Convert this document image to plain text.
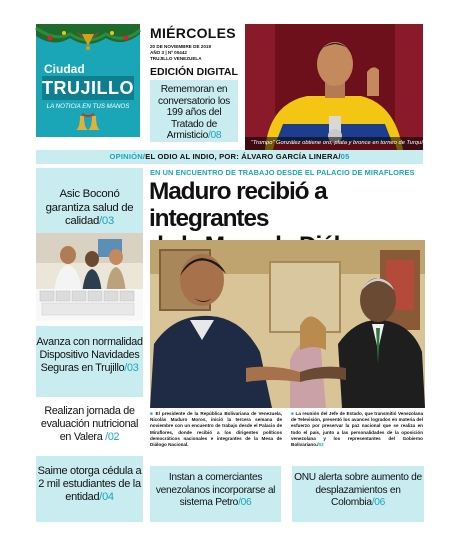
Ciudad
TRUJILLO
LA NOTICIA EN TUS MANOS
MIÉRCOLES
20 DE NOVIEMBRE DE 2019
AÑO 3 | Nº 00442
TRUJILLO VENEZUELA
EDICIÓN DIGITAL
Rememoran en conversatorio los 199 años del Tratado de Armisticio/08
“Trompo” González obtiene oro, plata y bronce en torneo de Turquía/07
OPINIÓN/EL ODIO AL INDIO, POR: ÁLVARO GARCÍA LINERA/05
Asic Boconó garantiza salud de calidad/03
Avanza con normalidad Dispositivo Navidades Seguras en Trujillo/03
Realizan jornada de evaluación nutricional en Valera /02
Saime otorga cédula a 2 mil estudiantes de la entidad/04
EN UN ENCUENTRO DE TRABAJO DESDE EL PALACIO DE MIRAFLORES
Maduro recibió a integrantes
■ El presidente de la República Bolivariana de Venezuela, Nicolás Maduro Moros, inició la tercera semana de noviembre con un encuentro de trabajo desde el Palacio de Miraflores, donde recibió a los dirigentes políticos democráticos nacionales e integrantes de la Mesa de Diálogo Nacional.
■ La reunión del Jefe de Estado, que transmitió Venezolana de Televisión, presentó los avances logrados en materia del esfuerzo por preservar la paz nacional que se realiza en todo el país, junto a las personalidades de la oposición venezolana y los representantes del Gobierno Bolivariano./02
Instan a comerciantes venezolanos incorporarse al sistema Petro/06
ONU alerta sobre aumento de desplazamientos en Colombia/06
